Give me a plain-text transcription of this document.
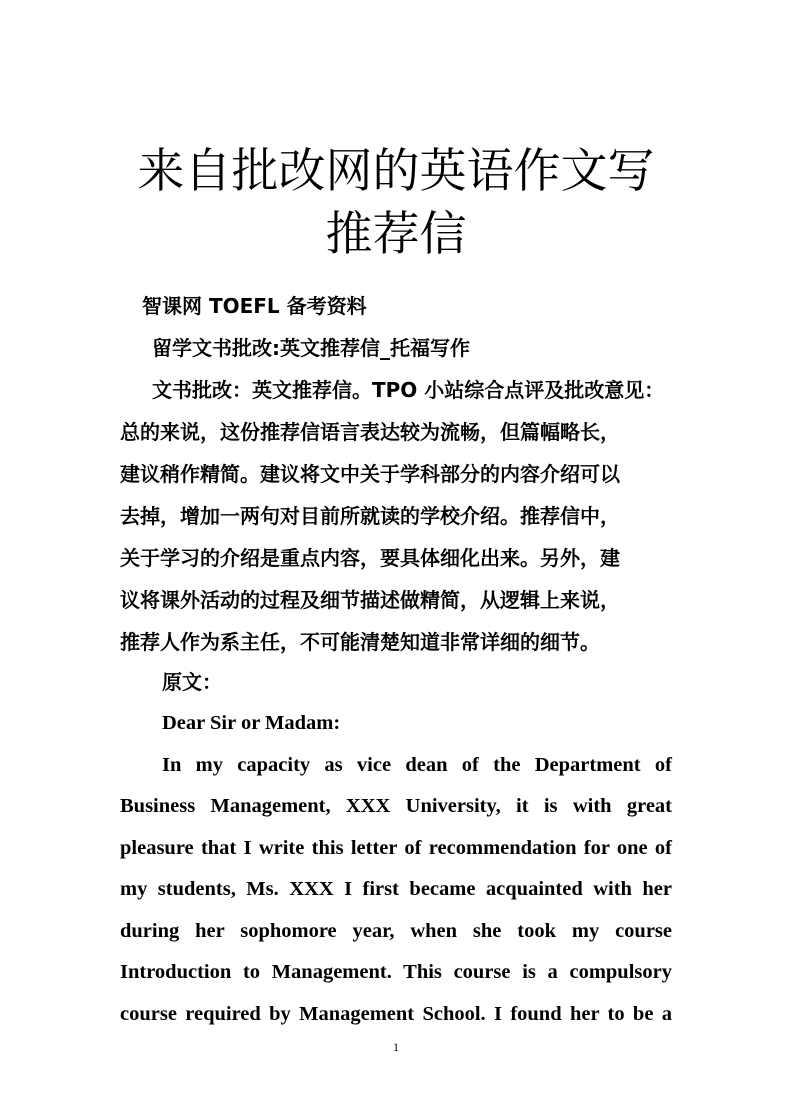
来自批改网的英语作文写
推荐信
智课网 TOEFL 备考资料
留学文书批改:英文推荐信_托福写作
文书批改：英文推荐信。TPO 小站综合点评及批改意见：
总的来说，这份推荐信语言表达较为流畅，但篇幅略长，
建议稍作精简。建议将文中关于学科部分的内容介绍可以
去掉，增加一两句对目前所就读的学校介绍。推荐信中，
关于学习的介绍是重点内容，要具体细化出来。另外，建
议将课外活动的过程及细节描述做精简，从逻辑上来说，
推荐人作为系主任，不可能清楚知道非常详细的细节。
原文：
Dear Sir or Madam:
In my capacity as vice dean of the Department of
Business Management, XXX University, it is with great
pleasure that I write this letter of recommendation for one of
my students, Ms. XXX I first became acquainted with her
during her sophomore year, when she took my course
Introduction to Management. This course is a compulsory
course required by Management School. I found her to be a
1
